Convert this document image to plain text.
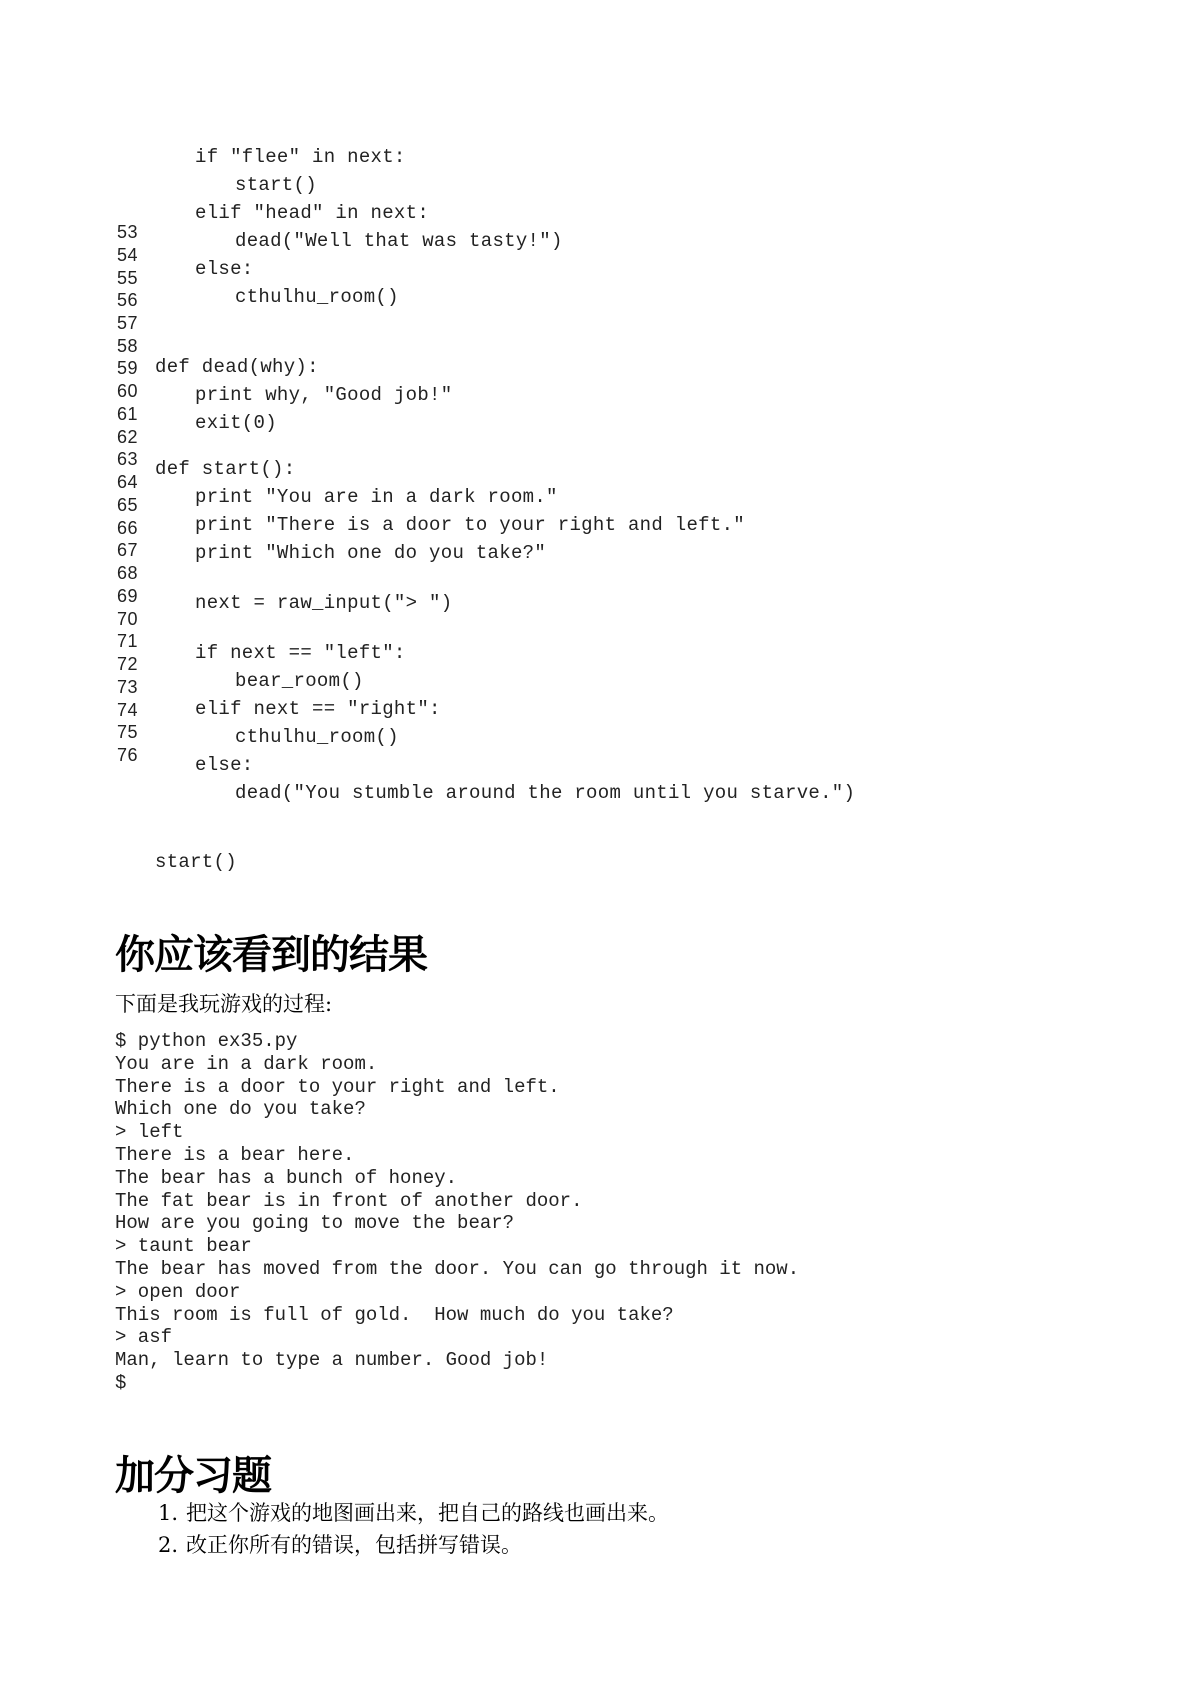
53
54
55
56
57
58
59
60
61
62
63
64
65
66
67
68
69
70
71
72
73
74
75
76
if "flee" in next:
start()
elif "head" in next:
dead("Well that was tasty!")
else:
cthulhu_room()
def dead(why):
print why, "Good job!"
exit(0)
def start():
print "You are in a dark room."
print "There is a door to your right and left."
print "Which one do you take?"
next = raw_input("> ")
if next == "left":
bear_room()
elif next == "right":
cthulhu_room()
else:
dead("You stumble around the room until you starve.")
start()
你应该看到的结果
下面是我玩游戏的过程:
$ python ex35.py
You are in a dark room.
There is a door to your right and left.
Which one do you take?
> left
There is a bear here.
The bear has a bunch of honey.
The fat bear is in front of another door.
How are you going to move the bear?
> taunt bear
The bear has moved from the door. You can go through it now.
> open door
This room is full of gold.  How much do you take?
> asf
Man, learn to type a number. Good job!
$
加分习题
1. 把这个游戏的地图画出来，把自己的路线也画出来。
2. 改正你所有的错误，包括拼写错误。
